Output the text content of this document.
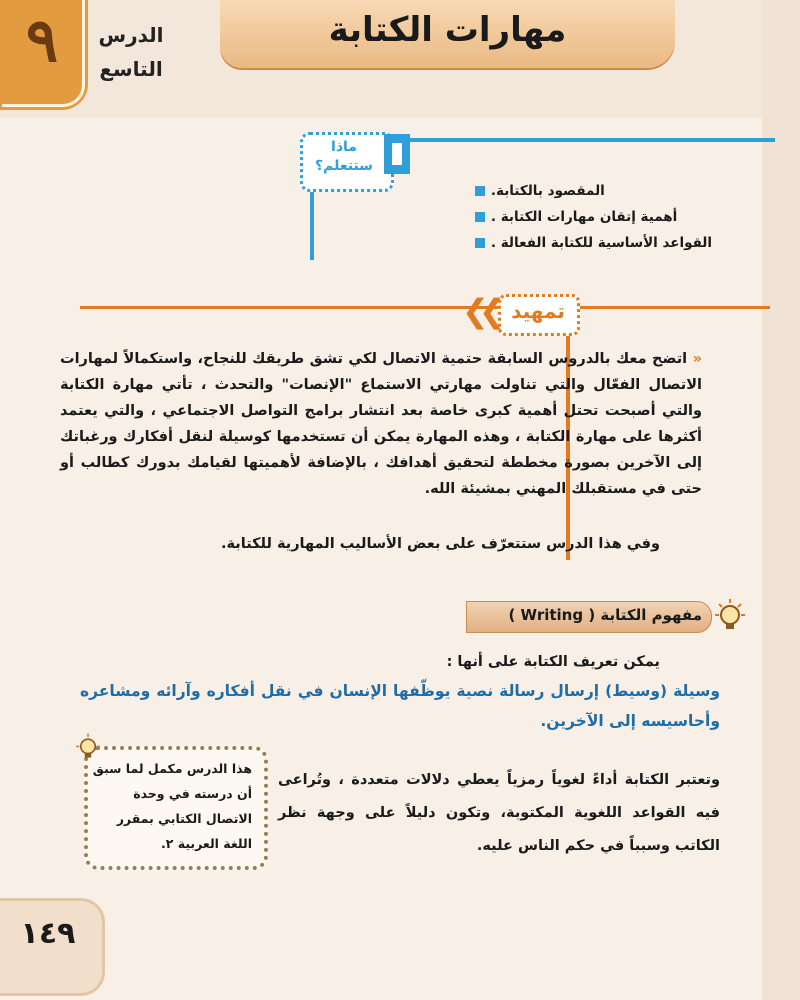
٩	الدرس
التاسع
مهارات الكتابة
ماذا
ستتعلم؟
المقصود بالكتابة.
أهمية إتقان مهارات الكتابة .
القواعد الأساسية للكتابة الفعالة .
تمهيد
❮❮
« اتضح معك بالدروس السابقة حتمية الاتصال لكي تشق طريقك للنجاح، واستكمالاً لمهارات الاتصال الفعّال والتي تناولت مهارتي الاستماع "الإنصات" والتحدث ، تأتي مهارة الكتابة والتي أصبحت تحتل أهمية كبرى خاصة بعد انتشار برامج التواصل الاجتماعي ، والتي يعتمد أكثرها على مهارة الكتابة ، وهذه المهارة يمكن أن تستخدمها كوسيلة لنقل أفكارك ورغباتك إلى الآخرين بصورة مخططة لتحقيق أهدافك ، بالإضافة لأهميتها لقيامك بدورك كطالب أو حتى في مستقبلك المهني بمشيئة الله.
وفي هذا الدرس ستتعرّف على بعض الأساليب المهارية للكتابة.
مفهوم الكتابة ( Writing )
يمكن تعريف الكتابة على أنها :
وسيلة (وسيط) إرسال رسالة نصية يوظّفها الإنسان في نقل أفكاره وآرائه ومشاعره وأحاسيسه إلى الآخرين.
وتعتبر الكتابة أداءً لغوياً رمزياً يعطي دلالات متعددة ، وتُراعى فيه القواعد اللغوية المكتوبة، وتكون دليلاً على وجهة نظر الكاتب وسبباً في حكم الناس عليه.
هذا الدرس مكمل لما سبق أن درسته في وحدة الاتصال الكتابي بمقرر اللغة العربية ٢.
١٤٩
